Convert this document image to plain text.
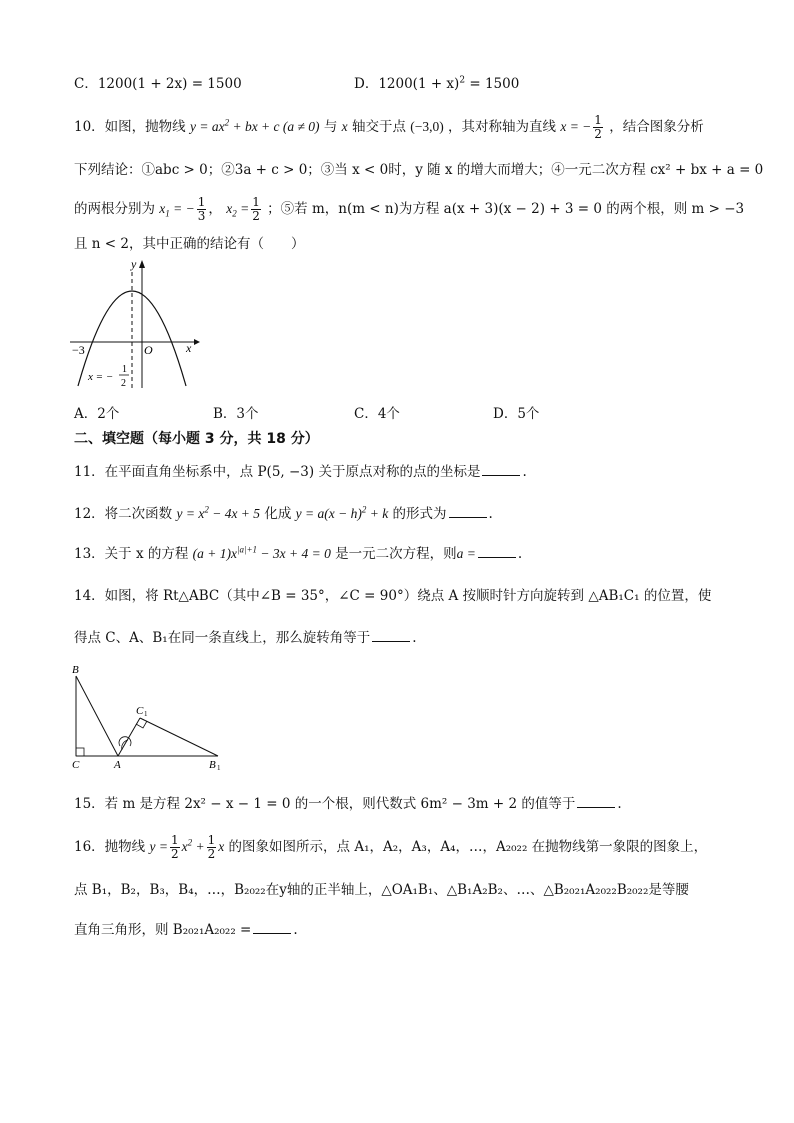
C．1200(1 + 2x) = 1500	D．$1200(1 + x)^2 = 1500$
10．如图，抛物线 $y = ax^2$ + bx + c (a ≠ 0) 与 x 轴交于点 (−3,0) ，其对称轴为直线 x = − $\frac{1}{2}$ ，结合图象分析
下列结论：①abc > 0；②3a + c > 0；③当 x < 0时，y 随 x 的增大而增大；④一元二次方程 cx² + bx + a = 0
的两根分别为 $x_1$ = − $\frac{1}{3}$ ， $x_2 = \frac{1}{2}$ ；⑤若 m，n(m < n)为方程 a(x + 3)(x − 2) + 3 = 0 的两个根，则 m > −3
且 n < 2，其中正确的结论有（　　）
y
x
O
−3
x = −
1
2
A．2个	B．3个	C．4个	D．5个
二、填空题（每小题 3 分，共 18 分）
11．在平面直角坐标系中，点 P(5, −3) 关于原点对称的点的坐标是	.
12．将二次函数 $y = x^2 - 4x + 5$ 化成 $y = a(x - h)^2 + k$ 的形式为	.
13．关于 x 的方程 $(a + 1)x^{|a|+1} - 3x + 4 = 0$ 是一元二次方程，则a =	.
14．如图，将 Rt△ABC（其中∠B = 35°，∠C = 90°）绕点 A 按顺时针方向旋转到 △AB₁C₁ 的位置，使
得点 C、A、B₁在同一条直线上，那么旋转角等于	.
B
C	A	B 1
C 1
15．若 m 是方程 2x² − x − 1 = 0 的一个根，则代数式 6m² − 3m + 2 的值等于	.
16．抛物线 $y = \frac{1}{2} x^2 + \frac{1}{2}$ x 的图象如图所示，点 A₁，A₂，A₃，A₄，…，A₂₀₂₂ 在抛物线第一象限的图象上，
点 B₁，B₂，B₃，B₄，…，B₂₀₂₂在y轴的正半轴上，△OA₁B₁、△B₁A₂B₂、…、△B₂₀₂₁A₂₀₂₂B₂₀₂₂是等腰
直角三角形，则 B₂₀₂₁A₂₀₂₂ =	.
